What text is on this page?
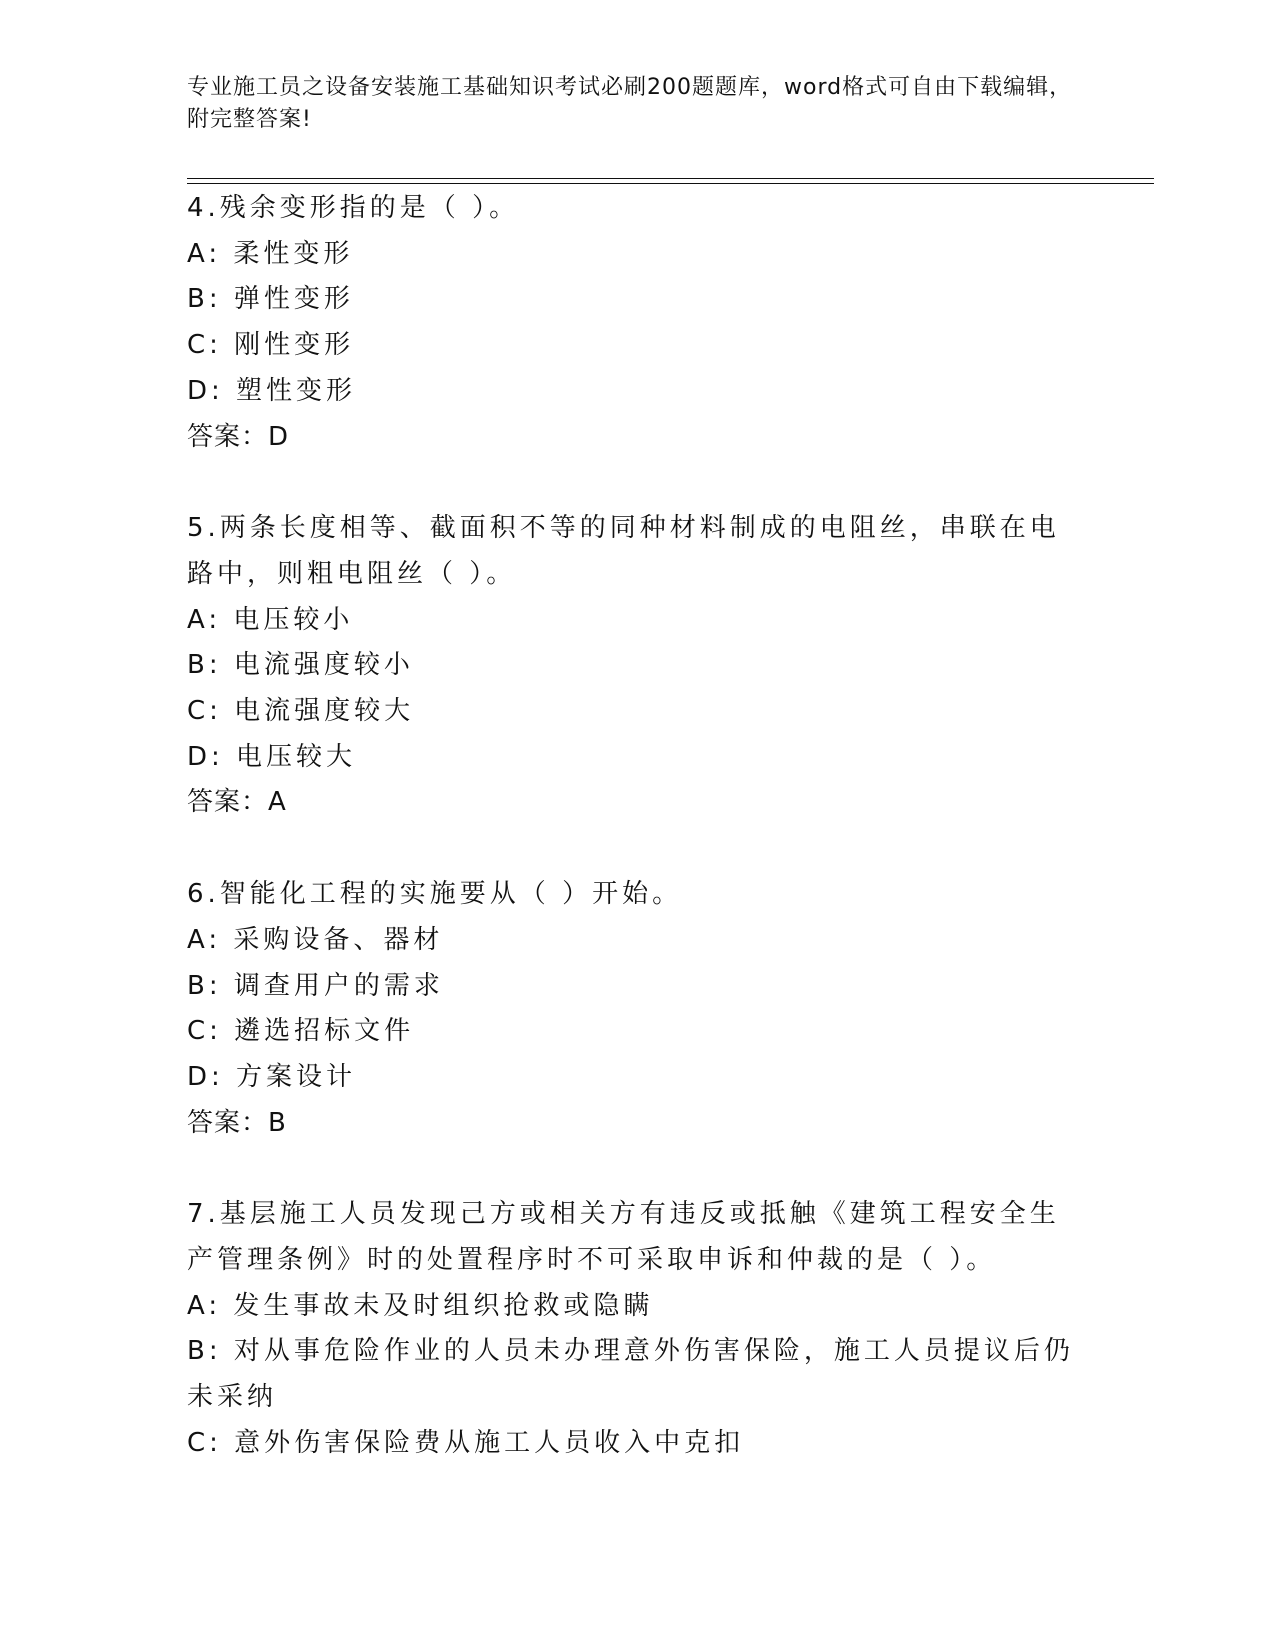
专业施工员之设备安装施工基础知识考试必刷200题题库，word格式可自由下载编辑，附完整答案!
4.残余变形指的是（ ）。
A: 柔性变形
B: 弹性变形
C: 刚性变形
D: 塑性变形
答案：D
5.两条长度相等、截面积不等的同种材料制成的电阻丝，串联在电路中，则粗电阻丝（ ）。
A: 电压较小
B: 电流强度较小
C: 电流强度较大
D: 电压较大
答案：A
6.智能化工程的实施要从（ ）开始。
A: 采购设备、器材
B: 调查用户的需求
C: 遴选招标文件
D: 方案设计
答案：B
7.基层施工人员发现己方或相关方有违反或抵触《建筑工程安全生产管理条例》时的处置程序时不可采取申诉和仲裁的是（ ）。
A: 发生事故未及时组织抢救或隐瞒
B: 对从事危险作业的人员未办理意外伤害保险，施工人员提议后仍未采纳
C: 意外伤害保险费从施工人员收入中克扣
